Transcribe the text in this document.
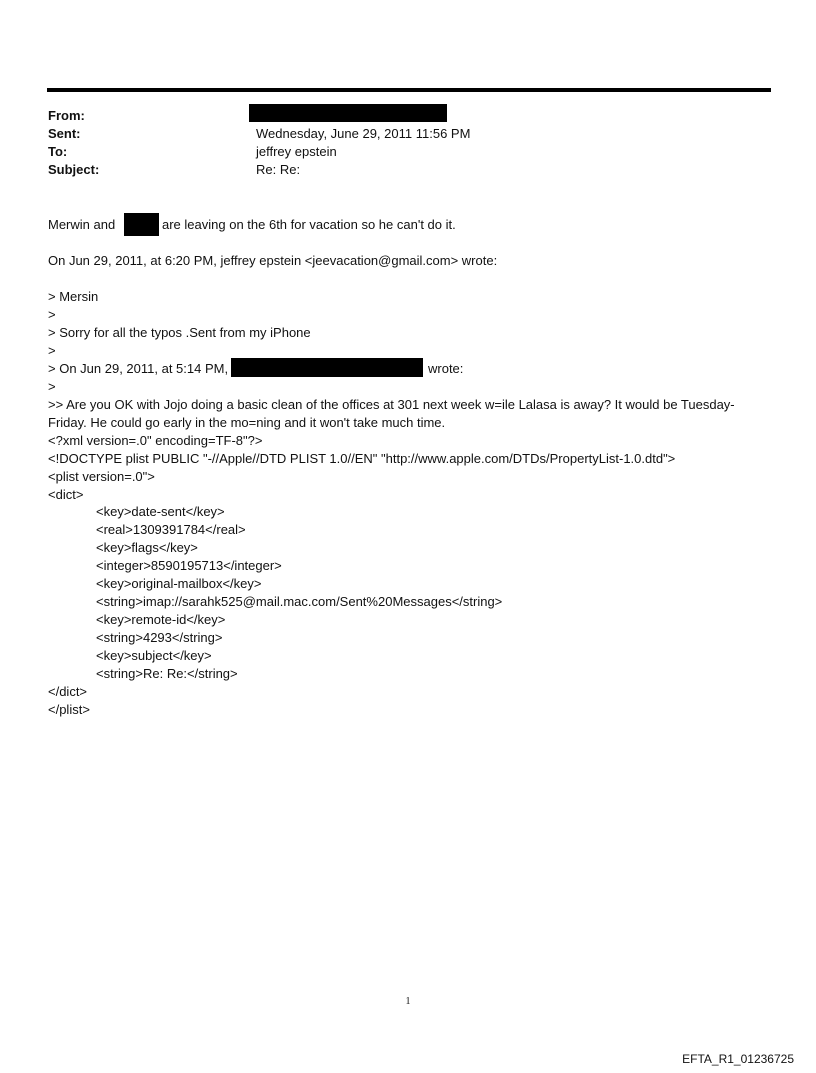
From:
Sent:	Wednesday, June 29, 2011 11:56 PM
To:	jeffrey epstein
Subject:	Re: Re:
Merwin and	are leaving on the 6th for vacation so he can't do it.
On Jun 29, 2011, at 6:20 PM, jeffrey epstein <jeevacation@gmail.com> wrote:
> Mersin
>
> Sorry for all the typos .Sent from my iPhone
>
> On Jun 29, 2011, at 5:14 PM,	wrote:
>
>> Are you OK with Jojo doing a basic clean of the offices at 301 next week w=ile Lalasa is away? It would be Tuesday-
Friday. He could go early in the mo=ning and it won't take much time.
<?xml version=.0" encoding=TF-8"?>
<!DOCTYPE plist PUBLIC "-//Apple//DTD PLIST 1.0//EN" "http://www.apple.com/DTDs/PropertyList-1.0.dtd">
<plist version=.0">
<dict>
<key>date-sent</key>
<real>1309391784</real>
<key>flags</key>
<integer>8590195713</integer>
<key>original-mailbox</key>
<string>imap://sarahk525@mail.mac.com/Sent%20Messages</string>
<key>remote-id</key>
<string>4293</string>
<key>subject</key>
<string>Re: Re:</string>
</dict>
</plist>
1
EFTA_R1_01236725
